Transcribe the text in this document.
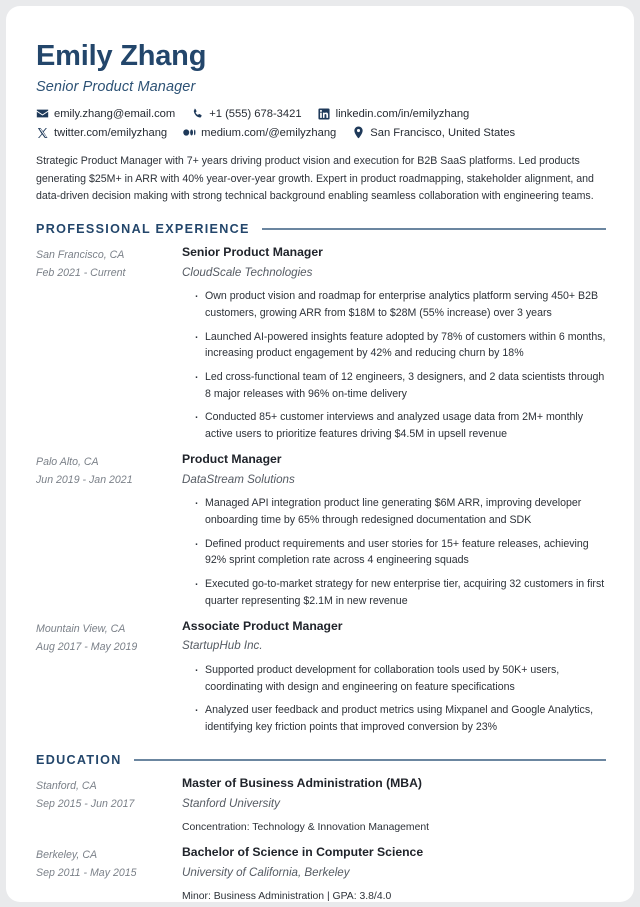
Emily Zhang
Senior Product Manager
emily.zhang@email.com	+1 (555) 678-3421	linkedin.com/in/emilyzhang
twitter.com/emilyzhang	medium.com/@emilyzhang	San Francisco, United States
Strategic Product Manager with 7+ years driving product vision and execution for B2B SaaS platforms. Led products generating $25M+ in ARR with 40% year-over-year growth. Expert in product roadmapping, stakeholder alignment, and data-driven decision making with strong technical background enabling seamless collaboration with engineering teams.
PROFESSIONAL EXPERIENCE
San Francisco, CA
Feb 2021 - Current
Senior Product Manager
CloudScale Technologies
· Own product vision and roadmap for enterprise analytics platform serving 450+ B2B customers, growing ARR from $18M to $28M (55% increase) over 3 years
· Launched AI-powered insights feature adopted by 78% of customers within 6 months, increasing product engagement by 42% and reducing churn by 18%
· Led cross-functional team of 12 engineers, 3 designers, and 2 data scientists through 8 major releases with 96% on-time delivery
· Conducted 85+ customer interviews and analyzed usage data from 2M+ monthly active users to prioritize features driving $4.5M in upsell revenue
Palo Alto, CA
Jun 2019 - Jan 2021
Product Manager
DataStream Solutions
· Managed API integration product line generating $6M ARR, improving developer onboarding time by 65% through redesigned documentation and SDK
· Defined product requirements and user stories for 15+ feature releases, achieving 92% sprint completion rate across 4 engineering squads
· Executed go-to-market strategy for new enterprise tier, acquiring 32 customers in first quarter representing $2.1M in new revenue
Mountain View, CA
Aug 2017 - May 2019
Associate Product Manager
StartupHub Inc.
· Supported product development for collaboration tools used by 50K+ users, coordinating with design and engineering on feature specifications
· Analyzed user feedback and product metrics using Mixpanel and Google Analytics, identifying key friction points that improved conversion by 23%
EDUCATION
Stanford, CA
Sep 2015 - Jun 2017
Master of Business Administration (MBA)
Stanford University
Concentration: Technology & Innovation Management
Berkeley, CA
Sep 2011 - May 2015
Bachelor of Science in Computer Science
University of California, Berkeley
Minor: Business Administration | GPA: 3.8/4.0
